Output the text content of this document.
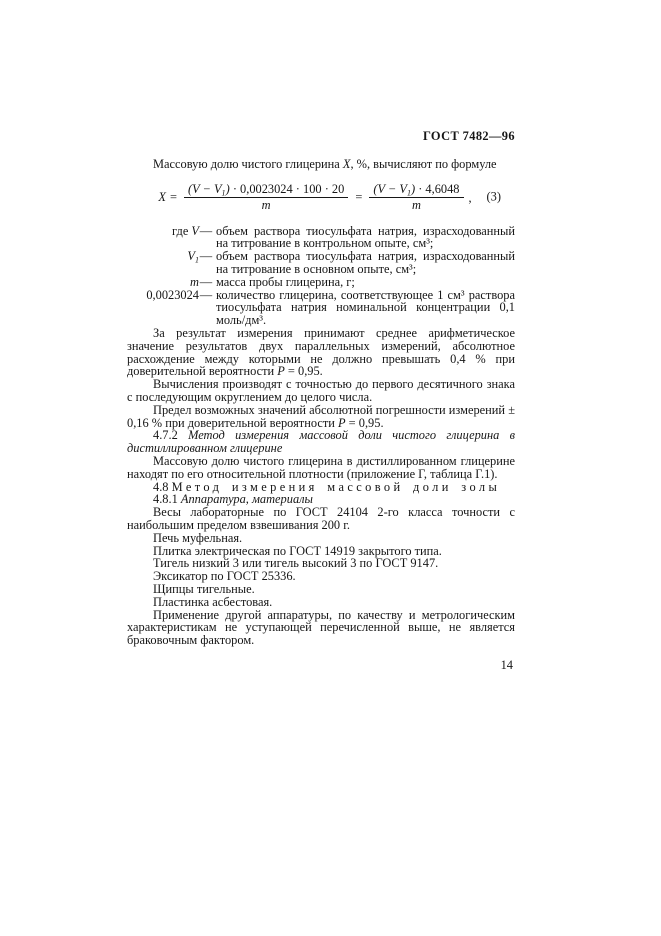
ГОСТ 7482—96

Массовую долю чистого глицерина X, %, вычисляют по формуле

$X = \frac{(V - V_1) \cdot 0,0023024 \cdot 100 \cdot 20}{m} = \frac{(V - V_1) \cdot 4,6048}{m}$ , (3)
где V — объем раствора тиосульфата натрия, израсходованный на титрование в контрольном опыте, см³;
$V_1$ — объем раствора тиосульфата натрия, израсходованный на титрование в основном опыте, см³;
m — масса пробы глицерина, г;
0,0023024 — количество глицерина, соответствующее 1 см³ раствора тиосульфата натрия номинальной концентрации 0,1 моль/дм³.

За результат измерения принимают среднее арифметическое значение результатов двух параллельных измерений, абсолютное расхождение между которыми не должно превышать 0,4 % при доверительной вероятности P = 0,95.

Вычисления производят с точностью до первого десятичного знака с последующим округлением до целого числа.

Предел возможных значений абсолютной погрешности измерений ± 0,16 % при доверительной вероятности P = 0,95.

4.7.2 Метод измерения массовой доли чистого глицерина в дистиллированном глицерине

Массовую долю чистого глицерина в дистиллированном глицерине находят по его относительной плотности (приложение Г, таблица Г.1).

4.8 Метод измерения массовой доли золы

4.8.1 Аппаратура, материалы

Весы лабораторные по ГОСТ 24104 2-го класса точности с наибольшим пределом взвешивания 200 г.

Печь муфельная.

Плитка электрическая по ГОСТ 14919 закрытого типа.

Тигель низкий 3 или тигель высокий 3 по ГОСТ 9147.

Эксикатор по ГОСТ 25336.

Щипцы тигельные.

Пластинка асбестовая.

Применение другой аппаратуры, по качеству и метрологическим характеристикам не уступающей перечисленной выше, не является браковочным фактором.

14
